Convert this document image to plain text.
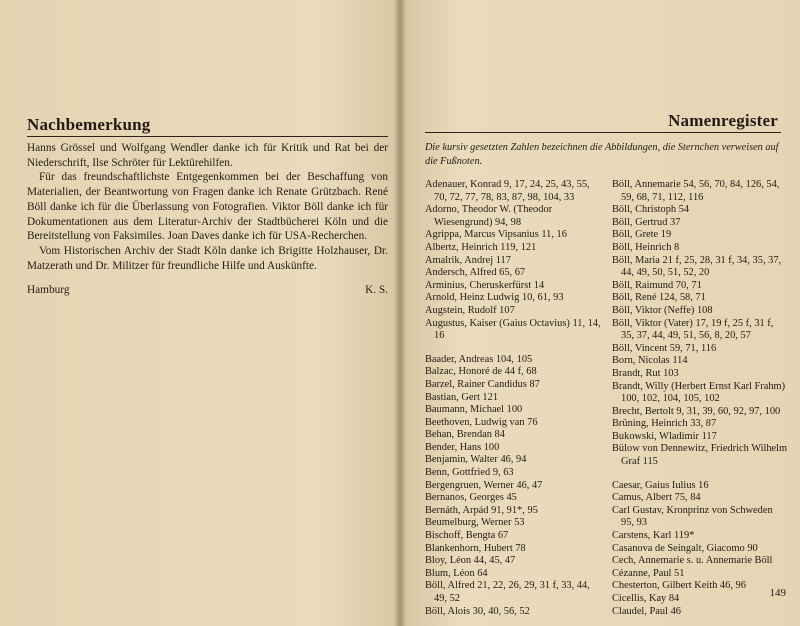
Nachbemerkung

Hanns Grössel und Wolfgang Wendler danke ich für Kritik und Rat bei der Niederschrift, Ilse Schröter für Lektürehilfen.

Für das freundschaftlichste Entgegenkommen bei der Beschaffung von Materialien, der Beantwortung von Fragen danke ich Renate Grützbach. René Böll danke ich für die Überlassung von Fotografien. Viktor Böll danke ich für Dokumentationen aus dem Literatur-Archiv der Stadtbücherei Köln und die Bereitstellung von Faksimiles. Joan Daves danke ich für USA-Recherchen.

Vom Historischen Archiv der Stadt Köln danke ich Brigitte Holzhauser, Dr. Matzerath und Dr. Militzer für freundliche Hilfe und Auskünfte.

Hamburg	K. S.
Namenregister
Die kursiv gesetzten Zahlen bezeichnen die Abbildungen, die Sternchen verweisen auf die Fußnoten.
Adenauer, Konrad 9, 17, 24, 25, 43, 55, 70, 72, 77, 78, 83, 87, 98, 104, 33
Adorno, Theodor W. (Theodor Wiesengrund) 94, 98
Agrippa, Marcus Vipsanius 11, 16
Albertz, Heinrich 119, 121
Amalrik, Andrej 117
Andersch, Alfred 65, 67
Arminius, Cheruskerfürst 14
Arnold, Heinz Ludwig 10, 61, 93
Augstein, Rudolf 107
Augustus, Kaiser (Gaius Octavius) 11, 14, 16
Baader, Andreas 104, 105
Balzac, Honoré de 44 f, 68
Barzel, Rainer Candidus 87
Bastian, Gert 121
Baumann, Michael 100
Beethoven, Ludwig van 76
Behan, Brendan 84
Bender, Hans 100
Benjamin, Walter 46, 94
Benn, Gottfried 9, 63
Bergengruen, Werner 46, 47
Bernanos, Georges 45
Bernáth, Arpád 91, 91*, 95
Beumelburg, Werner 53
Bischoff, Bengta 67
Blankenhorn, Hubert 78
Bloy, Léon 44, 45, 47
Blum, Léon 64
Böll, Alfred 21, 22, 26, 29, 31 f, 33, 44, 49, 52
Böll, Alois 30, 40, 56, 52
Böll, Annemarie 54, 56, 70, 84, 126, 54, 59, 68, 71, 112, 116
Böll, Christoph 54
Böll, Gertrud 37
Böll, Grete 19
Böll, Heinrich 8
Böll, Maria 21 f, 25, 28, 31 f, 34, 35, 37, 44, 49, 50, 51, 52, 20
Böll, Raimund 70, 71
Böll, René 124, 58, 71
Böll, Viktor (Neffe) 108
Böll, Viktor (Vater) 17, 19 f, 25 f, 31 f, 35, 37, 44, 49, 51, 56, 8, 20, 57
Böll, Vincent 59, 71, 116
Born, Nicolas 114
Brandt, Rut 103
Brandt, Willy (Herbert Ernst Karl Frahm) 100, 102, 104, 105, 102
Brecht, Bertolt 9, 31, 39, 60, 92, 97, 100
Brüning, Heinrich 33, 87
Bukowski, Wladimir 117
Bülow von Dennewitz, Friedrich Wilhelm Graf 115
Caesar, Gaius Iulius 16
Camus, Albert 75, 84
Carl Gustav, Kronprinz von Schweden 95, 93
Carstens, Karl 119*
Casanova de Seingalt, Giacomo 90
Cech, Annemarie s. u. Annemarie Böll
Cézanne, Paul 51
Chesterton, Gilbert Keith 46, 96
Cicellis, Kay 84
Claudel, Paul 46
149
